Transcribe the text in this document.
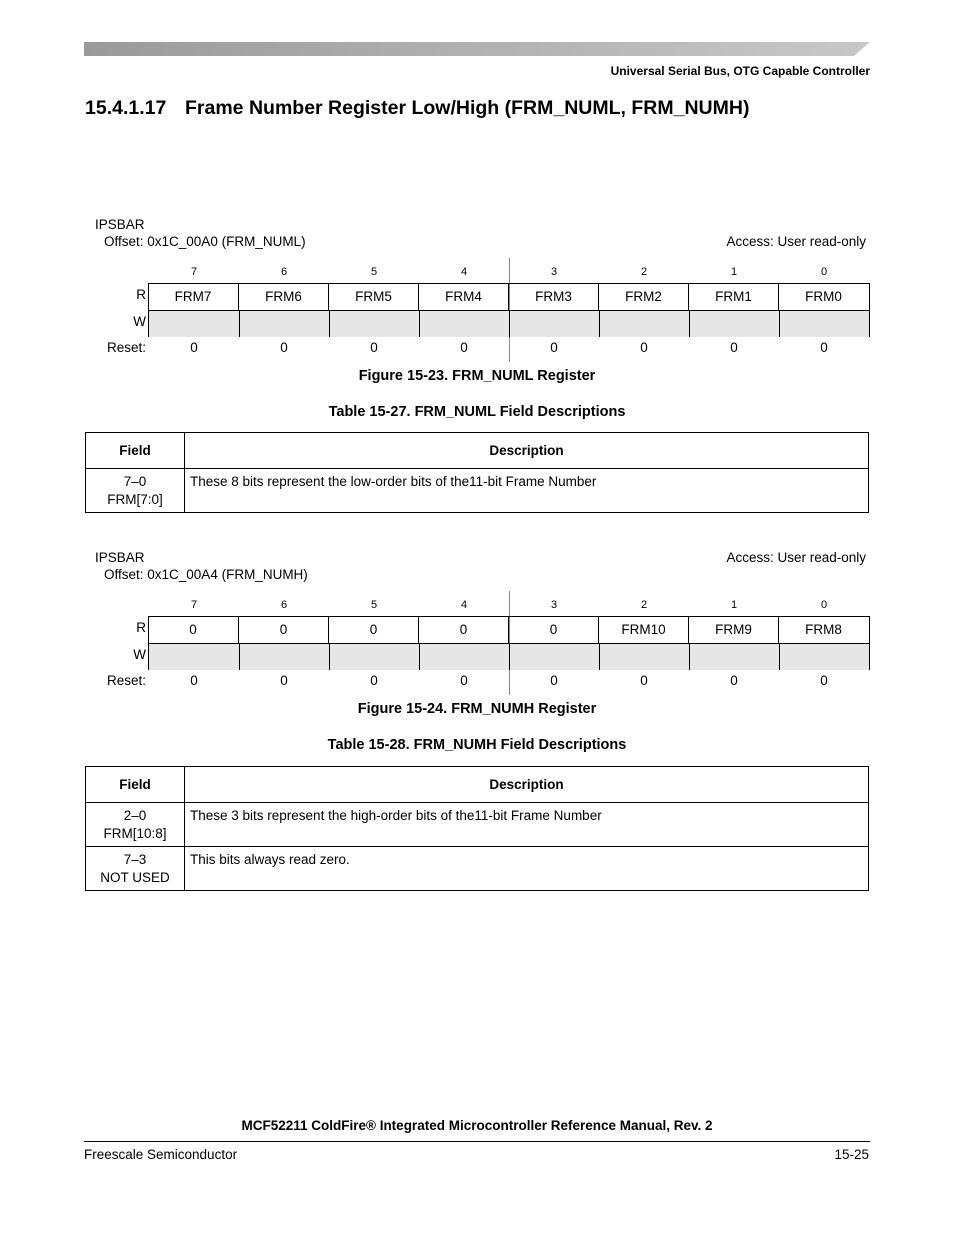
Universal Serial Bus, OTG Capable Controller
15.4.1.17 Frame Number Register Low/High (FRM_NUML, FRM_NUMH)
IPSBAR
Offset: 0x1C_00A0 (FRM_NUML)	Access: User read-only
7	6	5	4	3	2	1	0
R
W
FRM7	FRM6	FRM5	FRM4	FRM3	FRM2	FRM1	FRM0
Reset:	0	0	0	0	0	0	0	0
Figure 15-23. FRM_NUML Register
Table 15-27. FRM_NUML Field Descriptions
Field	Description

7–0
FRM[7:0]	These 8 bits represent the low-order bits of the11-bit Frame Number
IPSBAR	Access: User read-only
Offset: 0x1C_00A4 (FRM_NUMH)
7	6	5	4	3	2	1	0
R
W
0	0	0	0	0	FRM10	FRM9	FRM8
Reset:	0	0	0	0	0	0	0	0
Figure 15-24. FRM_NUMH Register
Table 15-28. FRM_NUMH Field Descriptions
Field	Description

2–0
FRM[10:8]	These 3 bits represent the high-order bits of the11-bit Frame Number

7–3
NOT USED	This bits always read zero.
MCF52211 ColdFire® Integrated Microcontroller Reference Manual, Rev. 2
Freescale Semiconductor	15-25
